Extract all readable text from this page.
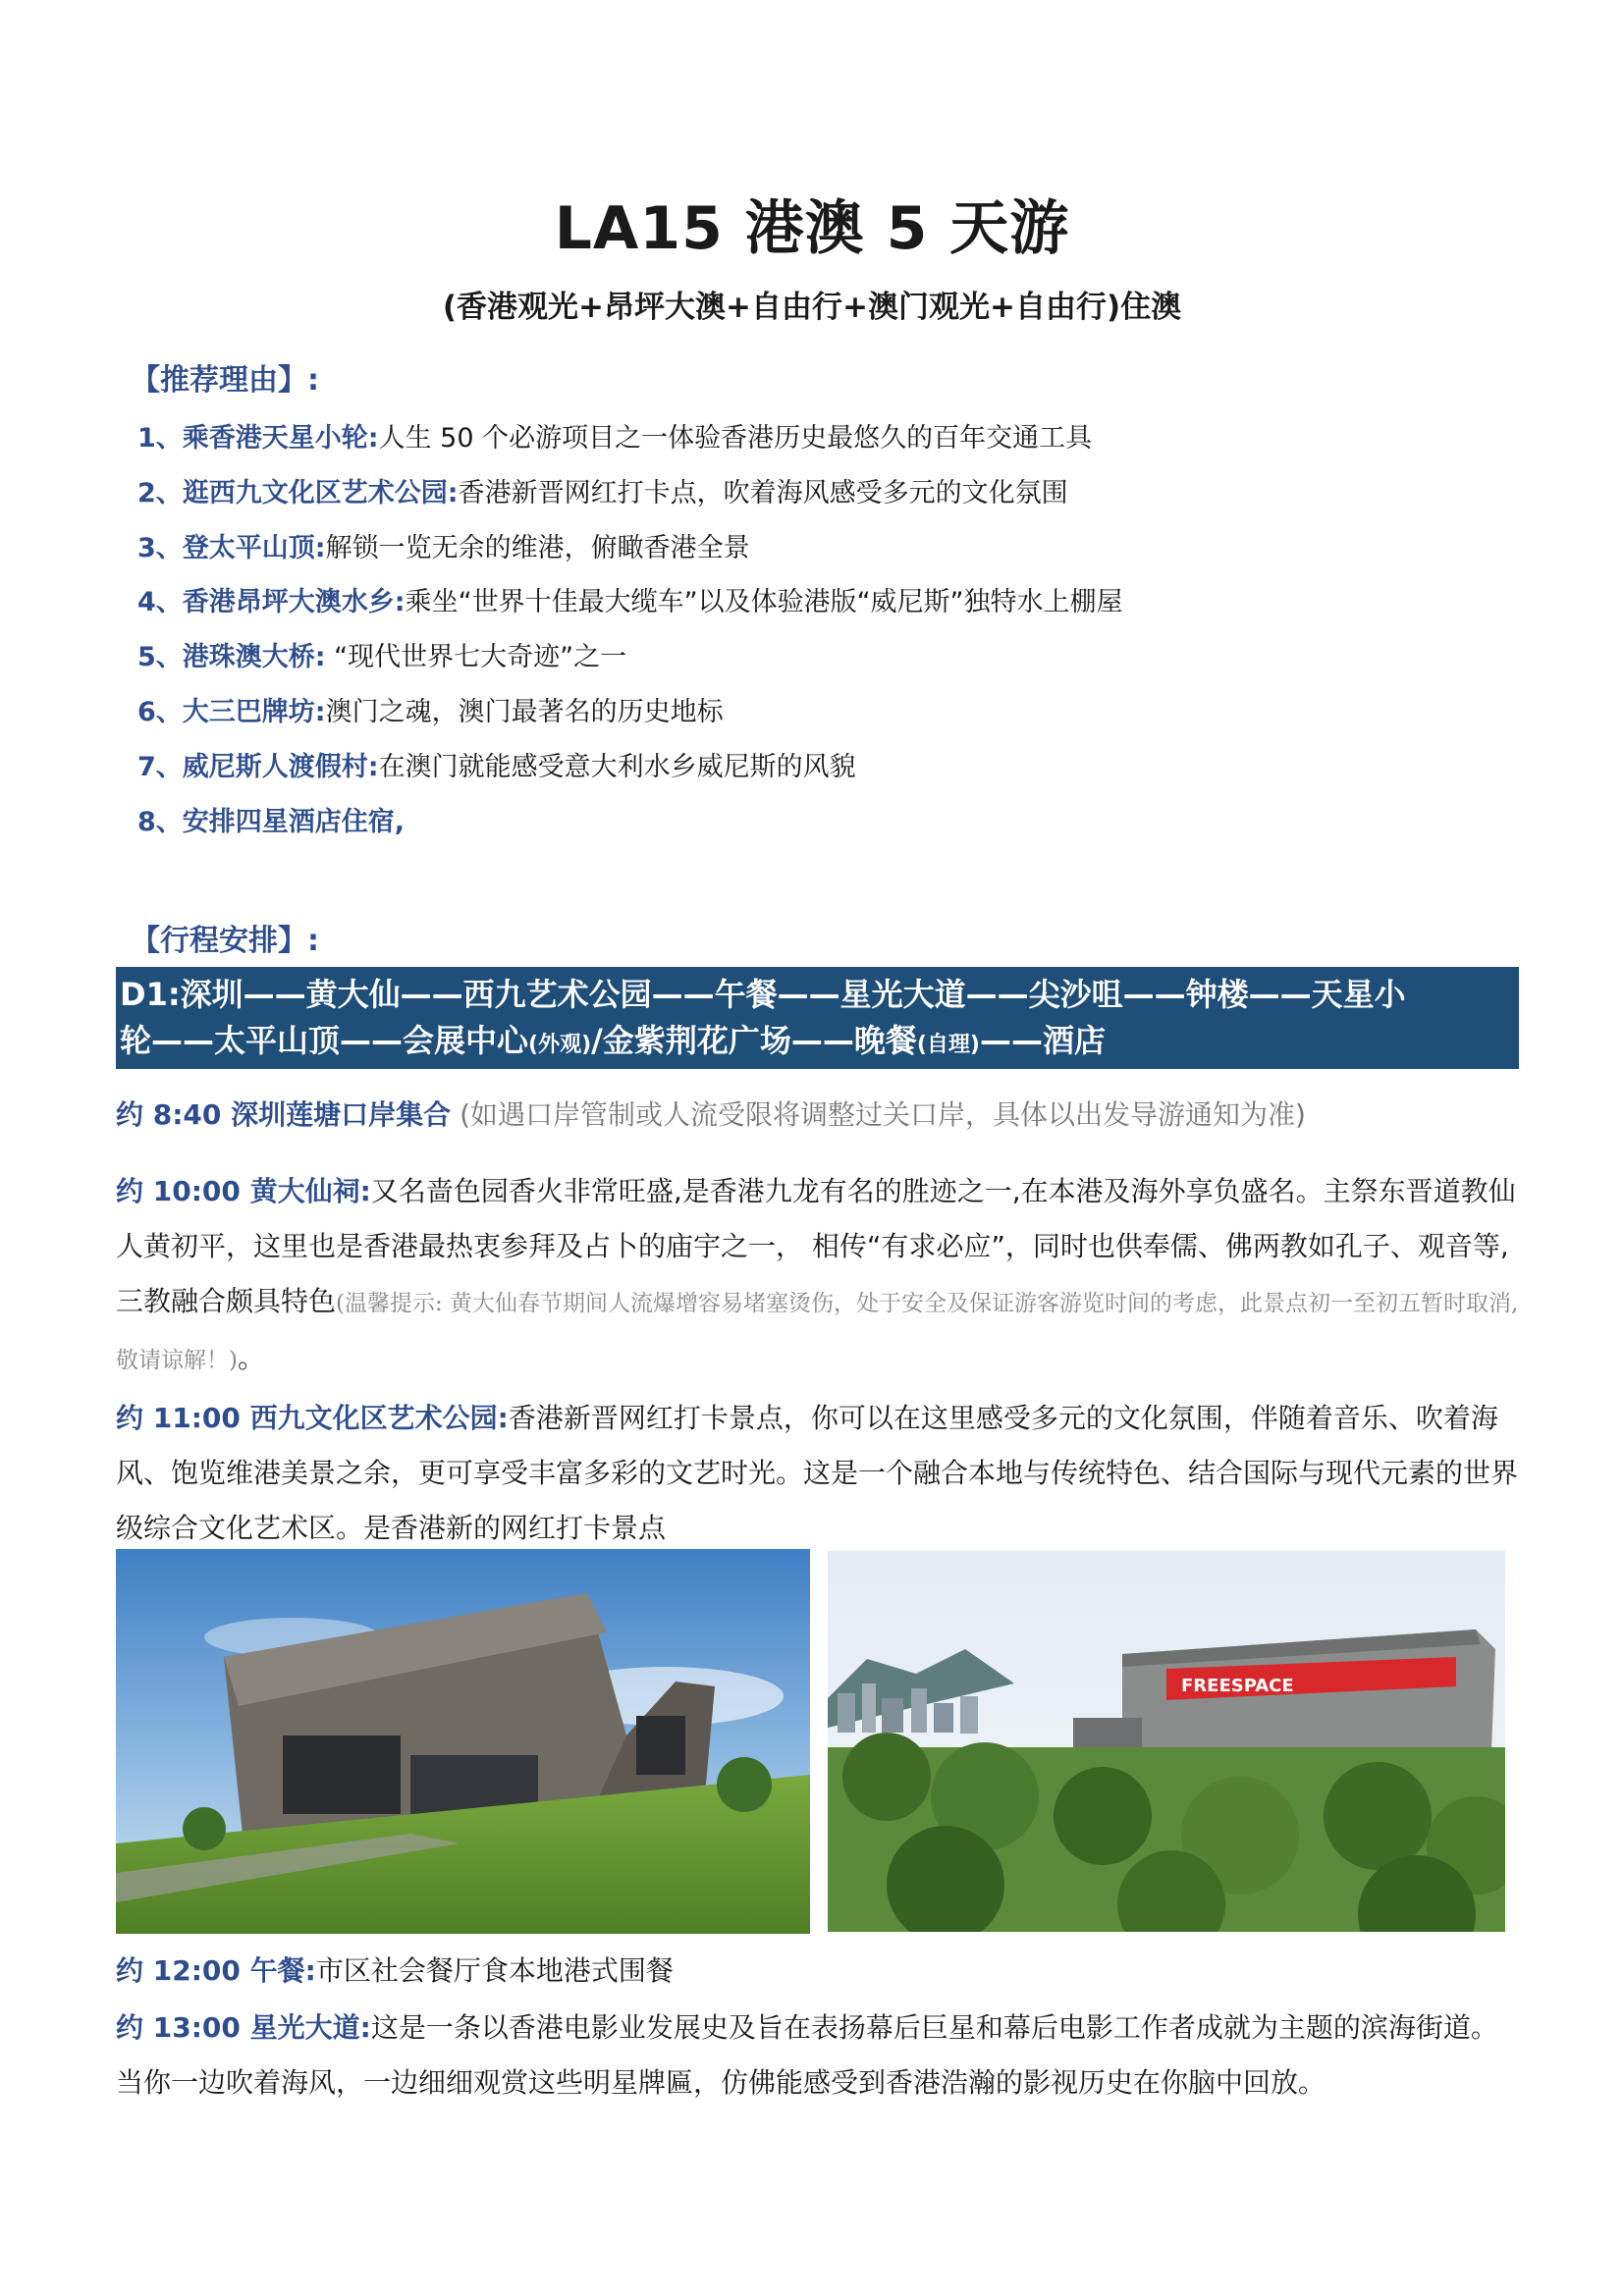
LA15 港澳 5 天游
(香港观光+昂坪大澳+自由行+澳门观光+自由行)住澳
【推荐理由】:
1、乘香港天星小轮:人生 50 个必游项目之一体验香港历史最悠久的百年交通工具
2、逛西九文化区艺术公园:香港新晋网红打卡点，吹着海风感受多元的文化氛围
3、登太平山顶:解锁一览无余的维港，俯瞰香港全景
4、香港昂坪大澳水乡:乘坐“世界十佳最大缆车”以及体验港版“威尼斯”独特水上棚屋
5、港珠澳大桥: “现代世界七大奇迹”之一
6、大三巴牌坊:澳门之魂，澳门最著名的历史地标
7、威尼斯人渡假村:在澳门就能感受意大利水乡威尼斯的风貌
8、安排四星酒店住宿,
【行程安排】:
D1:深圳——黄大仙——西九艺术公园——午餐——星光大道——尖沙咀——钟楼——天星小
轮——太平山顶——会展中心(外观)/金紫荆花广场——晚餐(自理)——酒店
约 8:40 深圳莲塘口岸集合 (如遇口岸管制或人流受限将调整过关口岸，具体以出发导游通知为准)
约 10:00 黄大仙祠:又名啬色园香火非常旺盛,是香港九龙有名的胜迹之一,在本港及海外享负盛名。主祭东晋道教仙人黄初平，这里也是香港最热衷参拜及占卜的庙宇之一， 相传“有求必应”，同时也供奉儒、佛两教如孔子、观音等,三教融合颇具特色(温馨提示: 黄大仙春节期间人流爆增容易堵塞烫伤，处于安全及保证游客游览时间的考虑，此景点初一至初五暂时取消,敬请谅解！)。
约 11:00 西九文化区艺术公园:香港新晋网红打卡景点，你可以在这里感受多元的文化氛围，伴随着音乐、吹着海风、饱览维港美景之余，更可享受丰富多彩的文艺时光。这是一个融合本地与传统特色、结合国际与现代元素的世界级综合文化艺术区。是香港新的网红打卡景点
FREESPACE
约 12:00 午餐:市区社会餐厅食本地港式围餐
约 13:00 星光大道:这是一条以香港电影业发展史及旨在表扬幕后巨星和幕后电影工作者成就为主题的滨海街道。当你一边吹着海风，一边细细观赏这些明星牌匾，仿佛能感受到香港浩瀚的影视历史在你脑中回放。
